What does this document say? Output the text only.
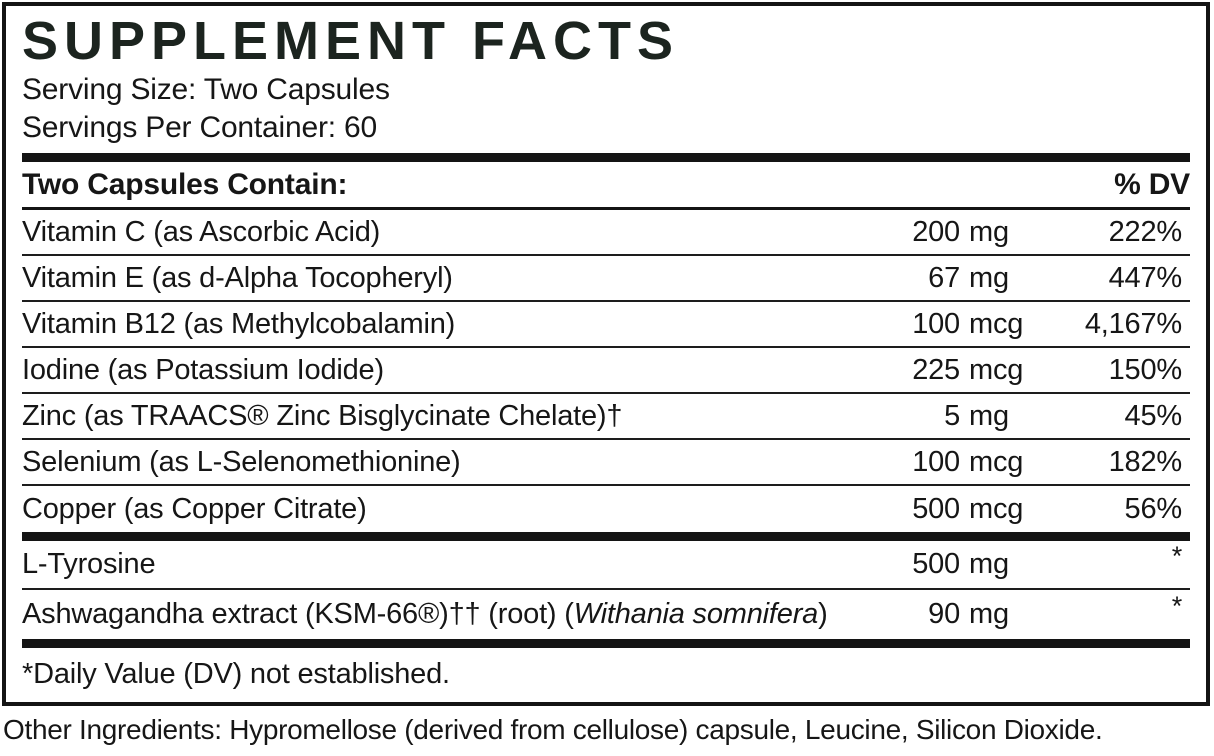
SUPPLEMENT FACTS
Serving Size: Two Capsules
Servings Per Container: 60
Two Capsules Contain:	% DV
Vitamin C (as Ascorbic Acid)	200 mg	222%
Vitamin E (as d-Alpha Tocopheryl)	67 mg	447%
Vitamin B12 (as Methylcobalamin)	100 mcg	4,167%
Iodine (as Potassium Iodide)	225 mcg	150%
Zinc (as TRAACS® Zinc Bisglycinate Chelate)†	5 mg	45%
Selenium (as L-Selenomethionine)	100 mcg	182%
Copper (as Copper Citrate)	500 mcg	56%
L-Tyrosine	500 mg	*
Ashwagandha extract (KSM-66®)†† (root) (Withania somnifera)	90 mg	*
*Daily Value (DV) not established.
Other Ingredients: Hypromellose (derived from cellulose) capsule, Leucine, Silicon Dioxide.
